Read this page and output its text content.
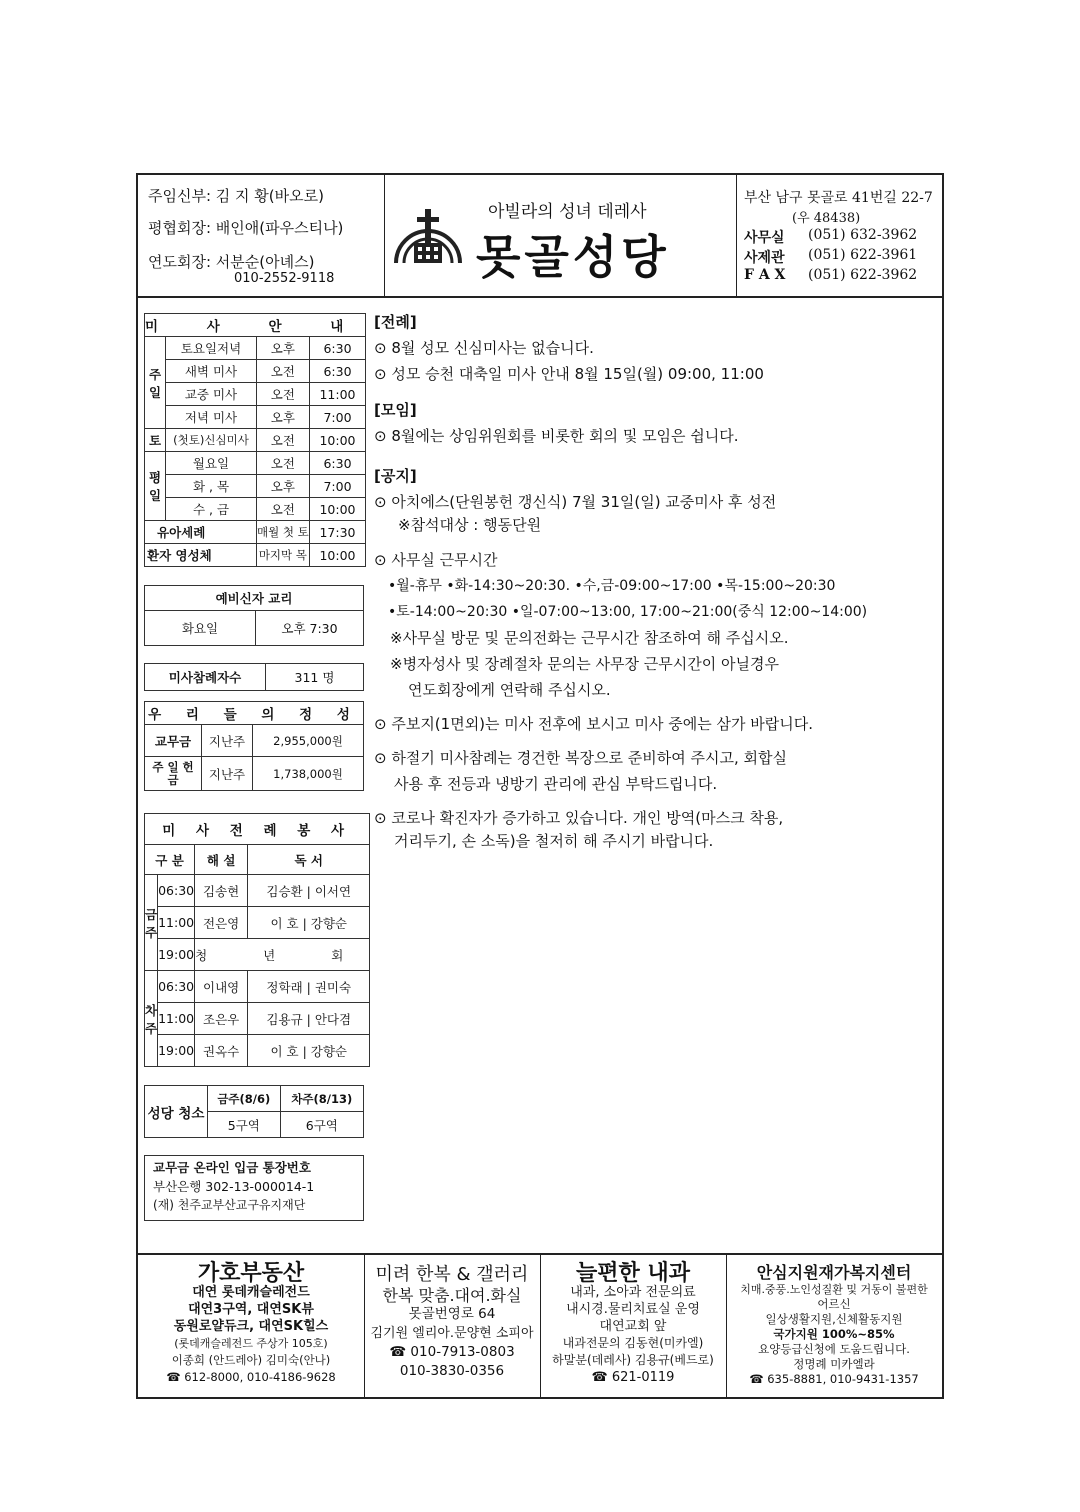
주임신부: 김 지 황(바오로)
평협회장: 배인애(파우스티나)
연도회장: 서분순(아녜스)
010-2552-9118
아빌라의 성녀 데레사
못골성당
부산 남구 못골로 41번길 22-7
(우 48438)
사무실 (051) 632-3962
사제관 (051) 622-3961
F A X (051) 622-3962
미 사 안 내			
주일	토요일저녁	오후	6:30
	새벽 미사	오전	6:30
	교중 미사	오전	11:00
	저녁 미사	오후	7:00
토	(첫토)신심미사	오전	10:00
평일	월요일	오전	6:30
	화 , 목	오후	7:00
	수 , 금	오전	10:00
유아세례		매월 첫 토	17:30
환자 영성체		마지막 목	10:00
예비신자 교리
화요일	오후 7:30
미사참례자수	311 명
우 리 들 의 정 성		
교무금	지난주	2,955,000원
주 일 헌 금	지난주	1,738,000원
미 사 전 례 봉 사			
구 분		해 설	독 서
금주	06:30	김송현	김승환 | 이서연
	11:00	전은영	이 호 | 강향순
	19:00	청 년 회	
차주	06:30	이내영	정학래 | 권미숙
	11:00	조은우	김용규 | 안다겸
	19:00	권옥수	이 호 | 강향순
성당 청소	금주(8/6)	차주(8/13)
	5구역	6구역
교무금 온라인 입금 통장번호
부산은행 302-13-000014-1
(재) 천주교부산교구유지재단
[전례]
⊙ 8월 성모 신심미사는 없습니다.
⊙ 성모 승천 대축일 미사 안내 8월 15일(월) 09:00, 11:00
[모임]
⊙ 8월에는 상임위원회를 비롯한 회의 및 모임은 쉽니다.
[공지]
⊙ 아치에스(단원봉헌 갱신식) 7월 31일(일) 교중미사 후 성전
※참석대상 : 행동단원
⊙ 사무실 근무시간
•월-휴무 •화-14:30~20:30. •수,금-09:00~17:00 •목-15:00~20:30
•토-14:00~20:30 •일-07:00~13:00, 17:00~21:00(중식 12:00~14:00)
※사무실 방문 및 문의전화는 근무시간 참조하여 해 주십시오.
※병자성사 및 장례절차 문의는 사무장 근무시간이 아닐경우
연도회장에게 연락해 주십시오.
⊙ 주보지(1면외)는 미사 전후에 보시고 미사 중에는 삼가 바랍니다.
⊙ 하절기 미사참례는 경건한 복장으로 준비하여 주시고, 회합실
사용 후 전등과 냉방기 관리에 관심 부탁드립니다.
⊙ 코로나 확진자가 증가하고 있습니다. 개인 방역(마스크 착용,
거리두기, 손 소독)을 철저히 해 주시기 바랍니다.
가호부동산
대연 롯데캐슬레전드
대연3구역, 대연SK뷰
동원로얄듀크, 대연SK힐스
(롯데캐슬레전드 주상가 105호)
이종희 (안드레아) 김미숙(안나)
☎ 612-8000, 010-4186-9628
미려 한복 & 갤러리
한복 맞춤.대여.화실
못골번영로 64
김기원 엘리아.문양현 소피아
☎ 010-7913-0803
010-3830-0356
늘편한 내과
내과, 소아과 전문의료
내시경.물리치료실 운영
대연교회 앞
내과전문의 김동현(미카엘)
하말분(데레사) 김용규(베드로)
☎ 621-0119
안심지원재가복지센터
치매.중풍.노인성질환 및 거동이 불편한
어르신
일상생활지원,신체활동지원
국가지원 100%~85%
요양등급신청에 도움드립니다.
정명례 미카엘라
☎ 635-8881, 010-9431-1357
